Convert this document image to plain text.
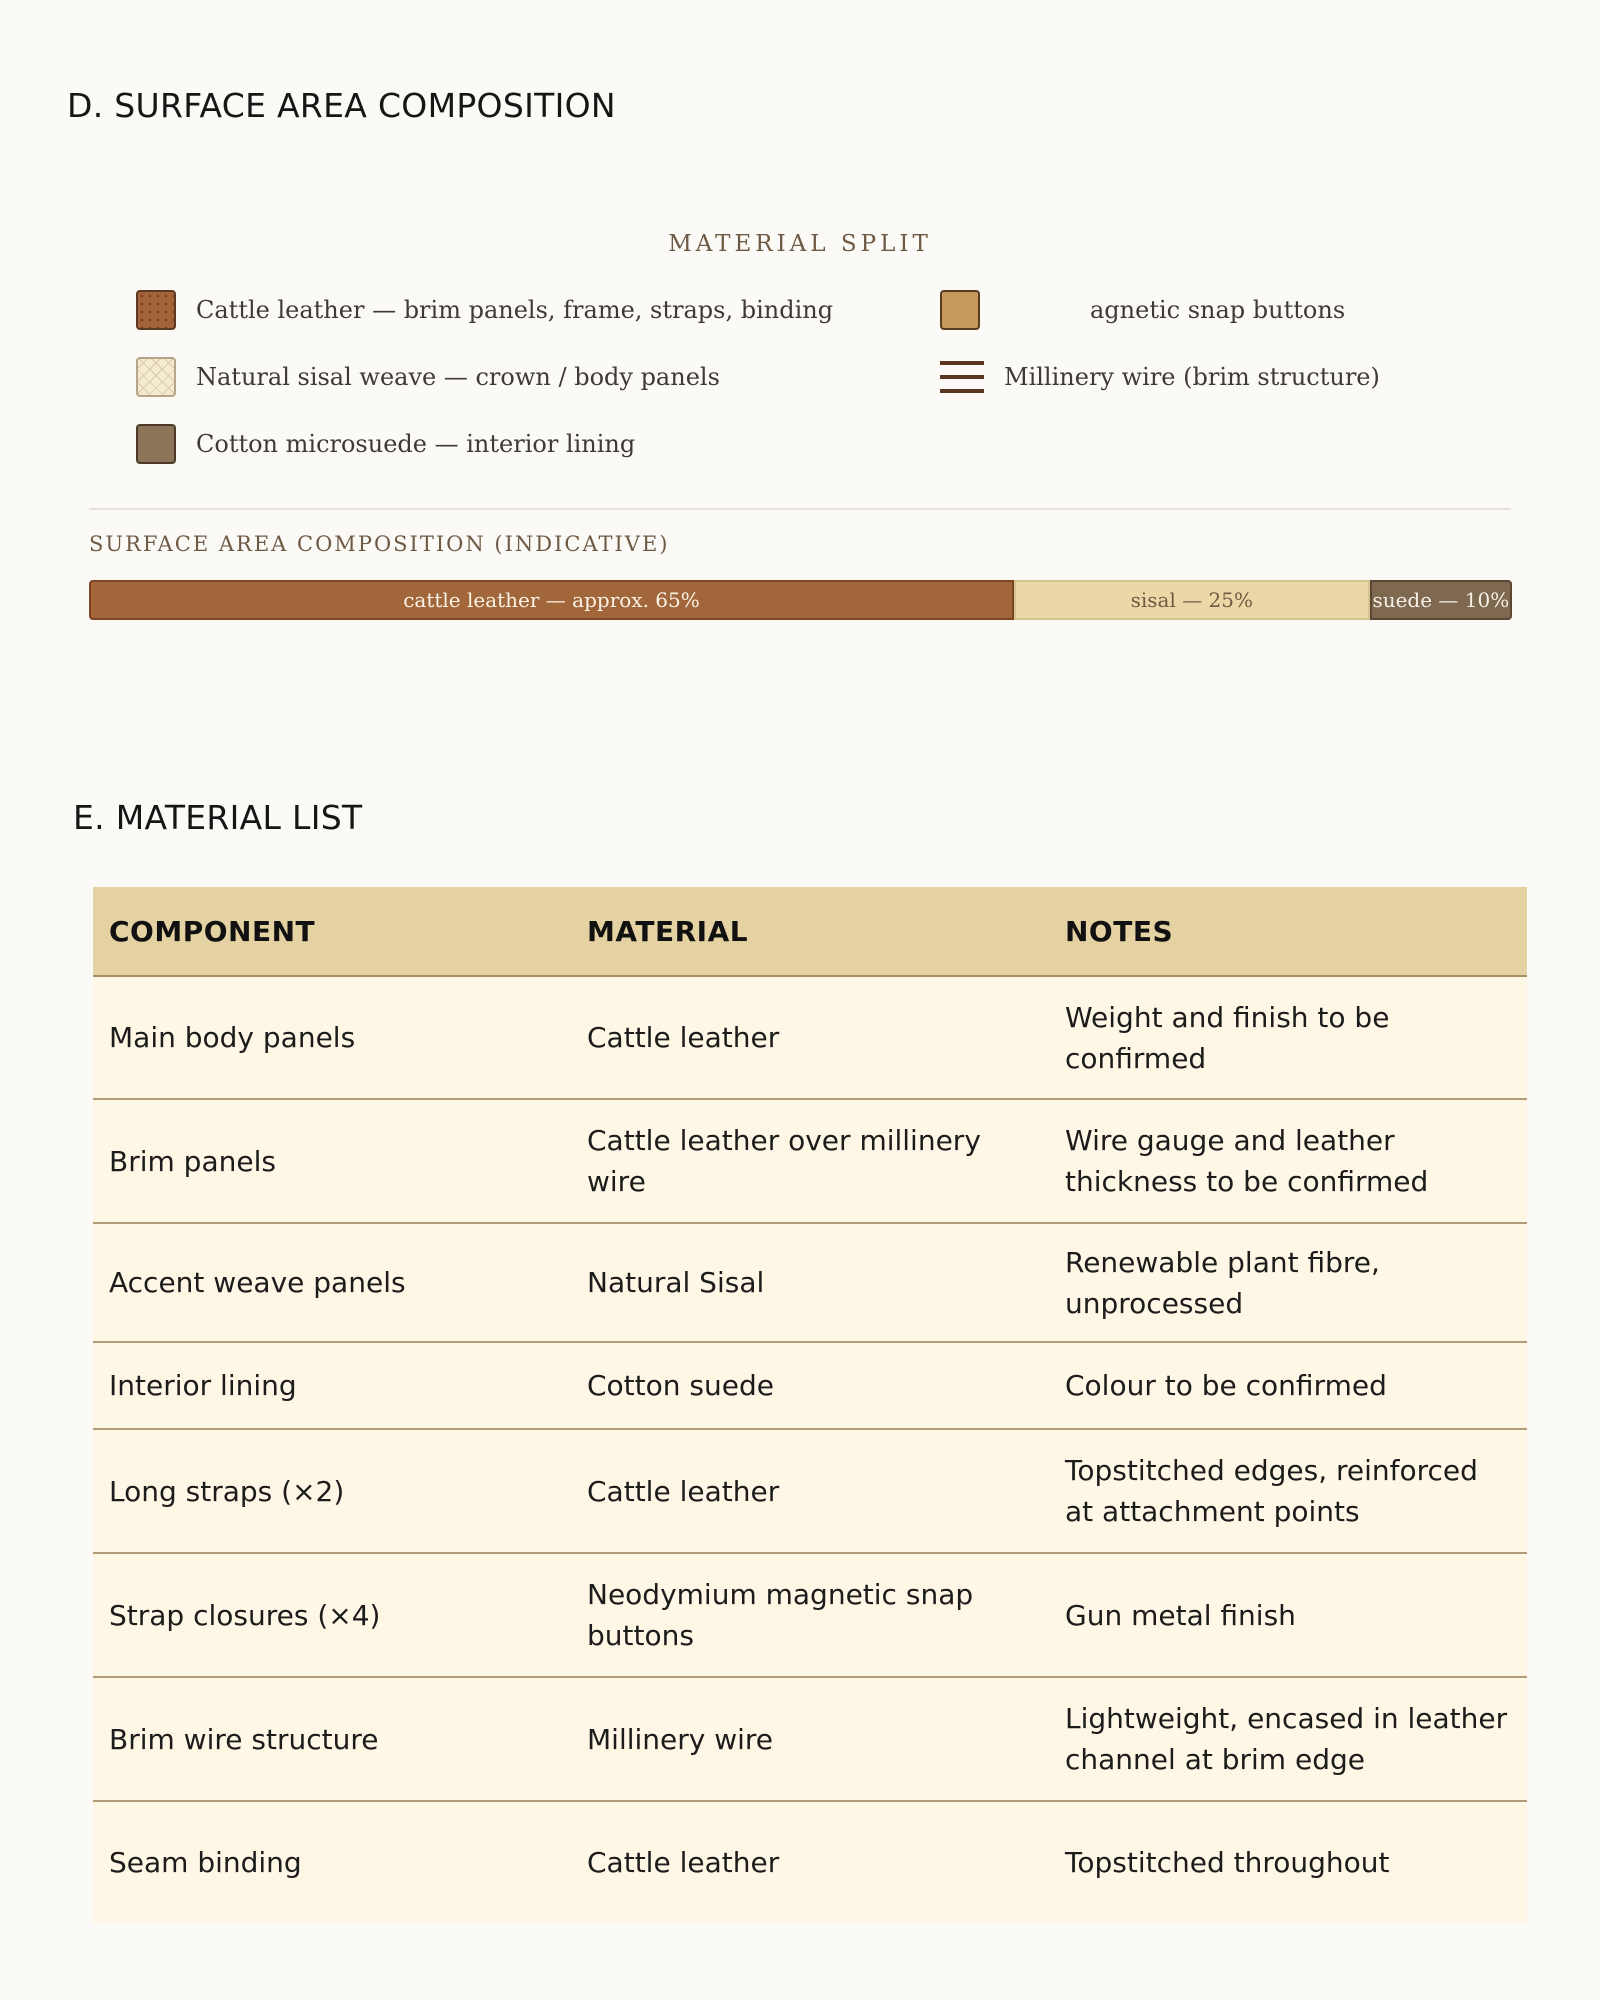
D. SURFACE AREA COMPOSITION
MATERIAL SPLIT
Cattle leather — brim panels, frame, straps, binding
Natural sisal weave — crown / body panels
Cotton microsuede — interior lining
agnetic snap buttons
Millinery wire (brim structure)
SURFACE AREA COMPOSITION (INDICATIVE)
cattle leather — approx. 65%	sisal — 25%	suede — 10%
E. MATERIAL LIST
COMPONENT	MATERIAL	NOTES
Main body panels	Cattle leather	Weight and finish to be confirmed
Brim panels	Cattle leather over millinery wire	Wire gauge and leather thickness to be confirmed
Accent weave panels	Natural Sisal	Renewable plant fibre, unprocessed
Interior lining	Cotton suede	Colour to be confirmed
Long straps (×2)	Cattle leather	Topstitched edges, reinforced at attachment points
Strap closures (×4)	Neodymium magnetic snap buttons	Gun metal finish
Brim wire structure	Millinery wire	Lightweight, encased in leather channel at brim edge
Seam binding	Cattle leather	Topstitched throughout
